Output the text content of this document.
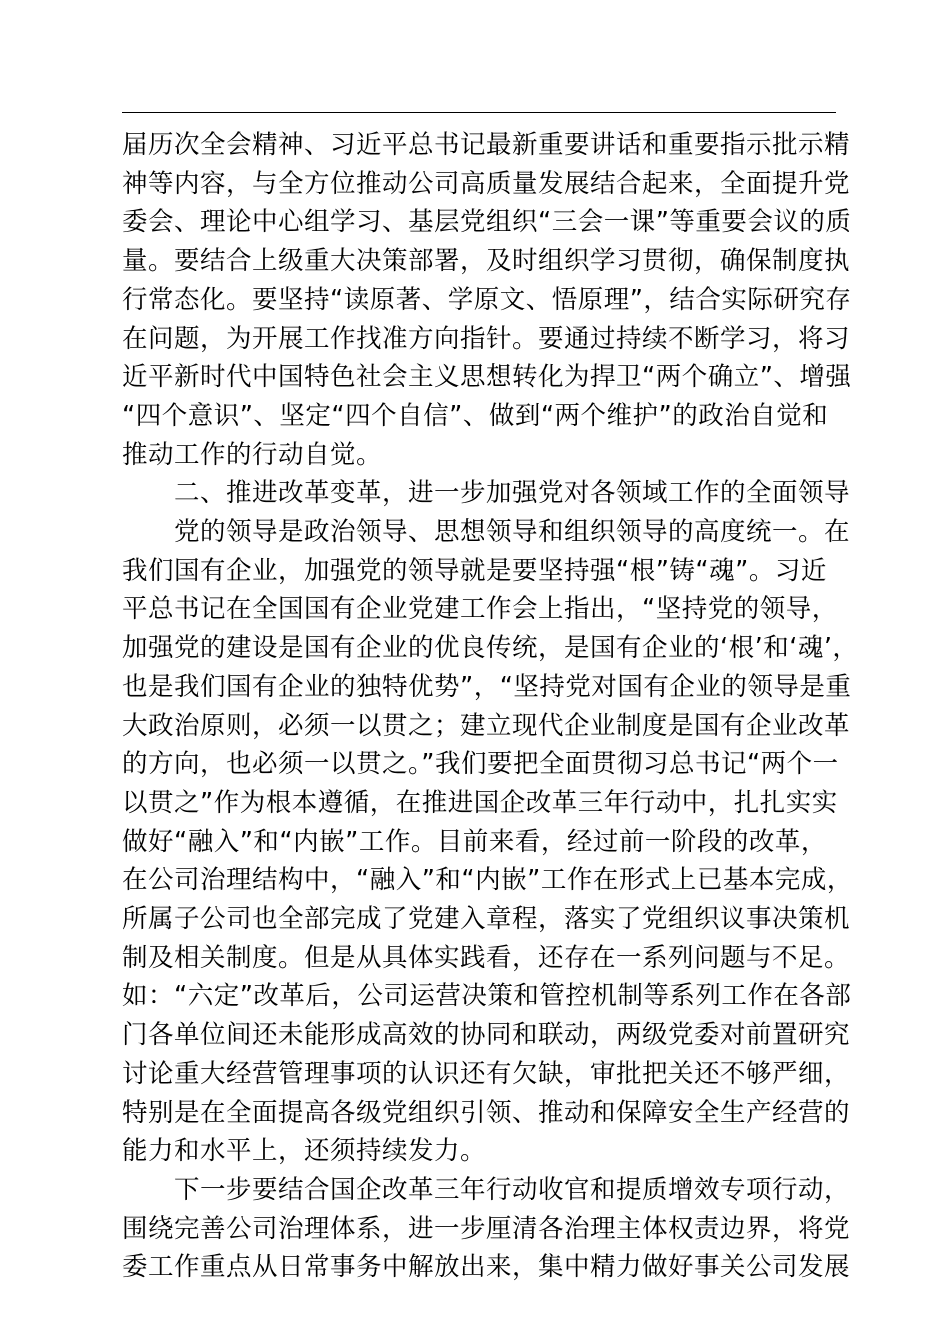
届历次全会精神、习近平总书记最新重要讲话和重要指示批示精
神等内容，与全方位推动公司高质量发展结合起来，全面提升党
委会、理论中心组学习、基层党组织“三会一课”等重要会议的质
量。要结合上级重大决策部署，及时组织学习贯彻，确保制度执
行常态化。要坚持“读原著、学原文、悟原理”，结合实际研究存
在问题，为开展工作找准方向指针。要通过持续不断学习，将习
近平新时代中国特色社会主义思想转化为捍卫“两个确立”、增强
“四个意识”、坚定“四个自信”、做到“两个维护”的政治自觉和
推动工作的行动自觉。
二、推进改革变革，进一步加强党对各领域工作的全面领导
党的领导是政治领导、思想领导和组织领导的高度统一。在
我们国有企业，加强党的领导就是要坚持强“根”铸“魂”。习近
平总书记在全国国有企业党建工作会上指出，“坚持党的领导，
加强党的建设是国有企业的优良传统，是国有企业的‘根’和‘魂’，
也是我们国有企业的独特优势”，“坚持党对国有企业的领导是重
大政治原则，必须一以贯之；建立现代企业制度是国有企业改革
的方向，也必须一以贯之。”我们要把全面贯彻习总书记“两个一
以贯之”作为根本遵循，在推进国企改革三年行动中，扎扎实实
做好“融入”和“内嵌”工作。目前来看，经过前一阶段的改革，
在公司治理结构中，“融入”和“内嵌”工作在形式上已基本完成，
所属子公司也全部完成了党建入章程，落实了党组织议事决策机
制及相关制度。但是从具体实践看，还存在一系列问题与不足。
如：“六定”改革后，公司运营决策和管控机制等系列工作在各部
门各单位间还未能形成高效的协同和联动，两级党委对前置研究
讨论重大经营管理事项的认识还有欠缺，审批把关还不够严细，
特别是在全面提高各级党组织引领、推动和保障安全生产经营的
能力和水平上，还须持续发力。
下一步要结合国企改革三年行动收官和提质增效专项行动，
围绕完善公司治理体系，进一步厘清各治理主体权责边界，将党
委工作重点从日常事务中解放出来，集中精力做好事关公司发展
